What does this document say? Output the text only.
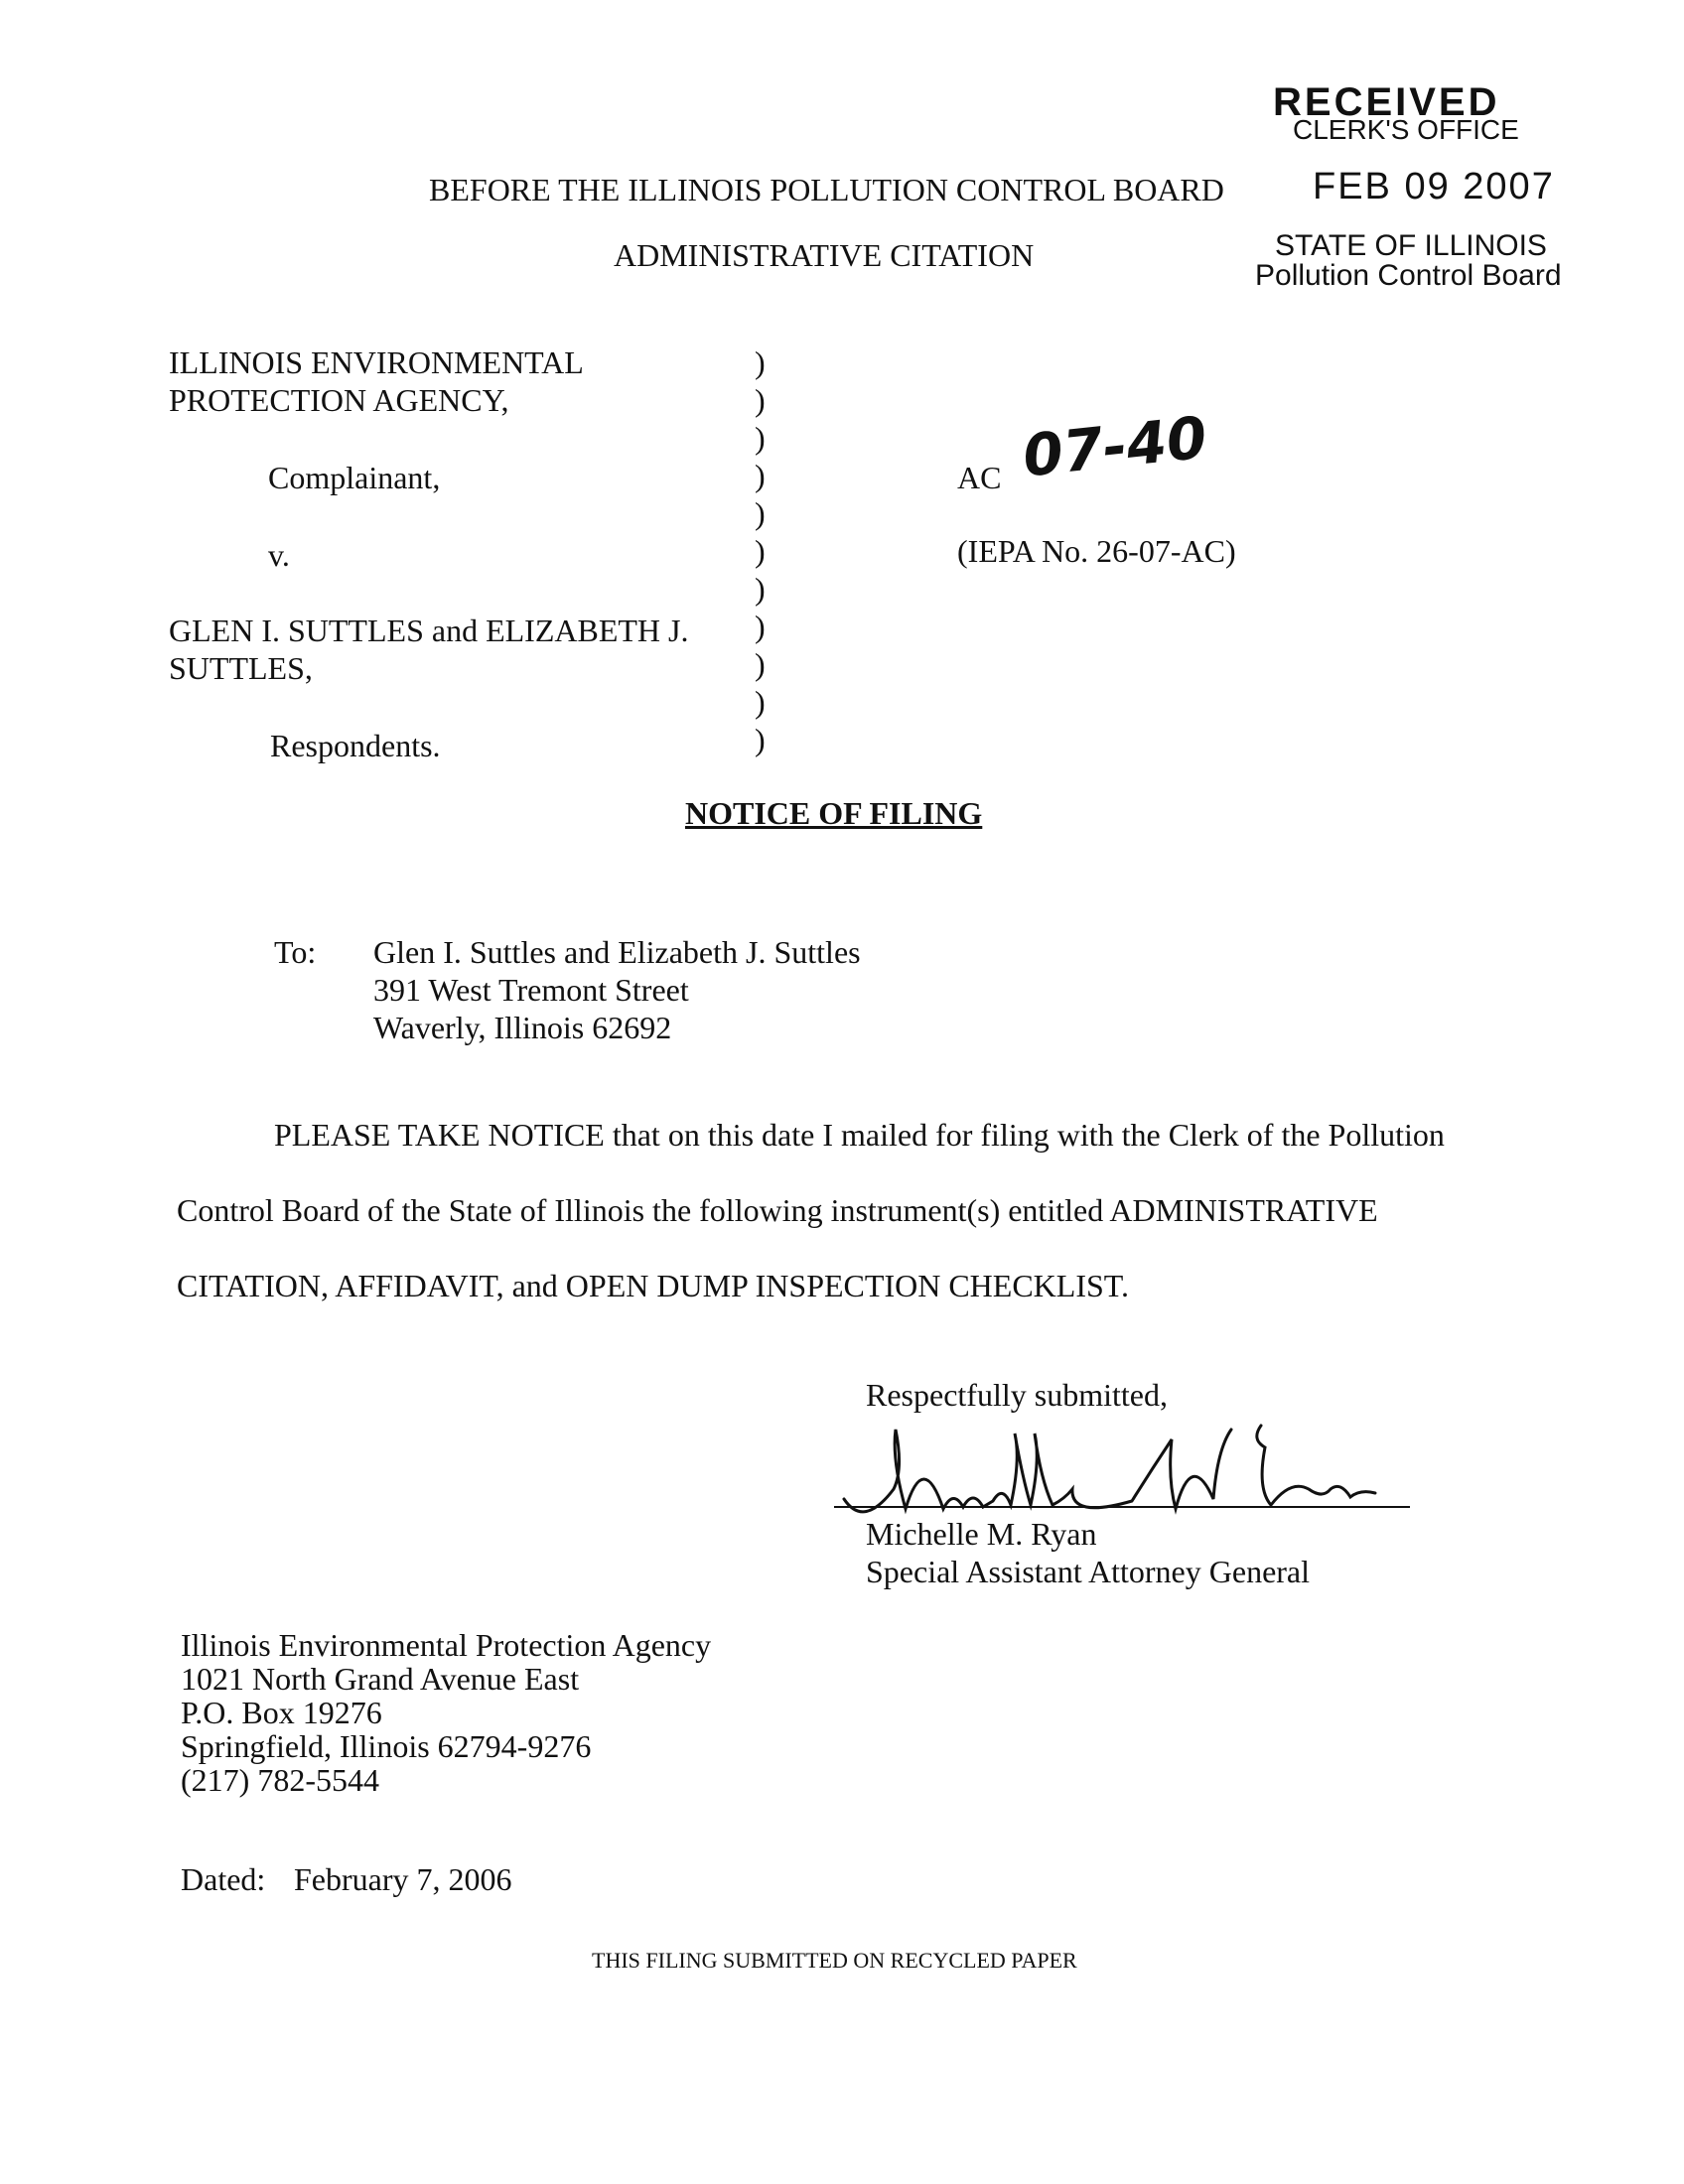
RECEIVED
CLERK'S OFFICE
FEB 09 2007
STATE OF ILLINOIS
Pollution Control Board
BEFORE THE ILLINOIS POLLUTION CONTROL BOARD
ADMINISTRATIVE CITATION
ILLINOIS ENVIRONMENTAL
PROTECTION AGENCY,
Complainant,
v.
GLEN I. SUTTLES and ELIZABETH J.
SUTTLES,
Respondents.
)
)
)
)
)
)
)
)
)
)
)
AC 07-40
(IEPA No. 26-07-AC)
NOTICE OF FILING
To: Glen I. Suttles and Elizabeth J. Suttles
391 West Tremont Street
Waverly, Illinois 62692
PLEASE TAKE NOTICE that on this date I mailed for filing with the Clerk of the Pollution
Control Board of the State of Illinois the following instrument(s) entitled ADMINISTRATIVE
CITATION, AFFIDAVIT, and OPEN DUMP INSPECTION CHECKLIST.
Respectfully submitted,
Michelle M. Ryan
Special Assistant Attorney General
Illinois Environmental Protection Agency
1021 North Grand Avenue East
P.O. Box 19276
Springfield, Illinois 62794-9276
(217) 782-5544
Dated: February 7, 2006
THIS FILING SUBMITTED ON RECYCLED PAPER
